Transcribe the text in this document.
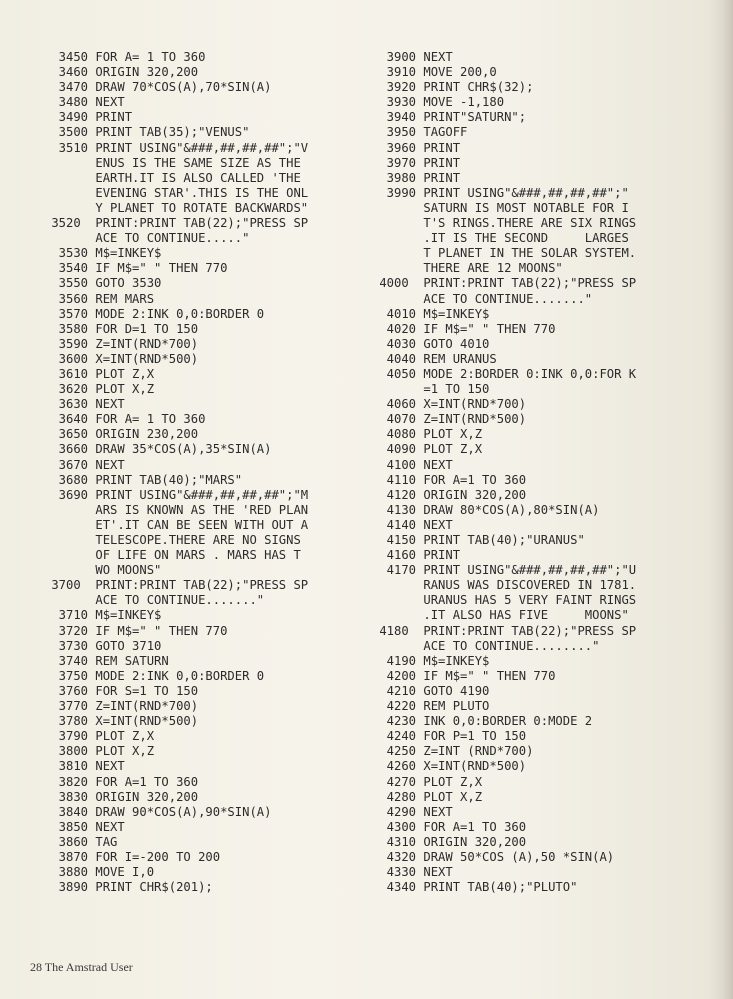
3450 FOR A= 1 TO 360
3460 ORIGIN 320,200
3470 DRAW 70*COS(A),70*SIN(A)
3480 NEXT
3490 PRINT
3500 PRINT TAB(35);"VENUS"
3510 PRINT USING"&###,##,##,##";"V
ENUS IS THE SAME SIZE AS THE
EARTH.IT IS ALSO CALLED 'THE
EVENING STAR'.THIS IS THE ONL
Y PLANET TO ROTATE BACKWARDS"
3520  PRINT:PRINT TAB(22);"PRESS SP
ACE TO CONTINUE....."
3530 M$=INKEY$
3540 IF M$=" " THEN 770
3550 GOTO 3530
3560 REM MARS
3570 MODE 2:INK 0,0:BORDER 0
3580 FOR D=1 TO 150
3590 Z=INT(RND*700)
3600 X=INT(RND*500)
3610 PLOT Z,X
3620 PLOT X,Z
3630 NEXT
3640 FOR A= 1 TO 360
3650 ORIGIN 230,200
3660 DRAW 35*COS(A),35*SIN(A)
3670 NEXT
3680 PRINT TAB(40);"MARS"
3690 PRINT USING"&###,##,##,##";"M
ARS IS KNOWN AS THE 'RED PLAN
ET'.IT CAN BE SEEN WITH OUT A
TELESCOPE.THERE ARE NO SIGNS
OF LIFE ON MARS . MARS HAS T
WO MOONS"
3700  PRINT:PRINT TAB(22);"PRESS SP
ACE TO CONTINUE......."
3710 M$=INKEY$
3720 IF M$=" " THEN 770
3730 GOTO 3710
3740 REM SATURN
3750 MODE 2:INK 0,0:BORDER 0
3760 FOR S=1 TO 150
3770 Z=INT(RND*700)
3780 X=INT(RND*500)
3790 PLOT Z,X
3800 PLOT X,Z
3810 NEXT
3820 FOR A=1 TO 360
3830 ORIGIN 320,200
3840 DRAW 90*COS(A),90*SIN(A)
3850 NEXT
3860 TAG
3870 FOR I=-200 TO 200
3880 MOVE I,0
3890 PRINT CHR$(201);
3900 NEXT
3910 MOVE 200,0
3920 PRINT CHR$(32);
3930 MOVE -1,180
3940 PRINT"SATURN";
3950 TAGOFF
3960 PRINT
3970 PRINT
3980 PRINT
3990 PRINT USING"&###,##,##,##";"
SATURN IS MOST NOTABLE FOR I
T'S RINGS.THERE ARE SIX RINGS
.IT IS THE SECOND     LARGES
T PLANET IN THE SOLAR SYSTEM.
THERE ARE 12 MOONS"
4000  PRINT:PRINT TAB(22);"PRESS SP
ACE TO CONTINUE......."
4010 M$=INKEY$
4020 IF M$=" " THEN 770
4030 GOTO 4010
4040 REM URANUS
4050 MODE 2:BORDER 0:INK 0,0:FOR K
=1 TO 150
4060 X=INT(RND*700)
4070 Z=INT(RND*500)
4080 PLOT X,Z
4090 PLOT Z,X
4100 NEXT
4110 FOR A=1 TO 360
4120 ORIGIN 320,200
4130 DRAW 80*COS(A),80*SIN(A)
4140 NEXT
4150 PRINT TAB(40);"URANUS"
4160 PRINT
4170 PRINT USING"&###,##,##,##";"U
RANUS WAS DISCOVERED IN 1781.
URANUS HAS 5 VERY FAINT RINGS
.IT ALSO HAS FIVE     MOONS"
4180  PRINT:PRINT TAB(22);"PRESS SP
ACE TO CONTINUE........"
4190 M$=INKEY$
4200 IF M$=" " THEN 770
4210 GOTO 4190
4220 REM PLUTO
4230 INK 0,0:BORDER 0:MODE 2
4240 FOR P=1 TO 150
4250 Z=INT (RND*700)
4260 X=INT(RND*500)
4270 PLOT Z,X
4280 PLOT X,Z
4290 NEXT
4300 FOR A=1 TO 360
4310 ORIGIN 320,200
4320 DRAW 50*COS (A),50 *SIN(A)
4330 NEXT
4340 PRINT TAB(40);"PLUTO"
28 The Amstrad User
